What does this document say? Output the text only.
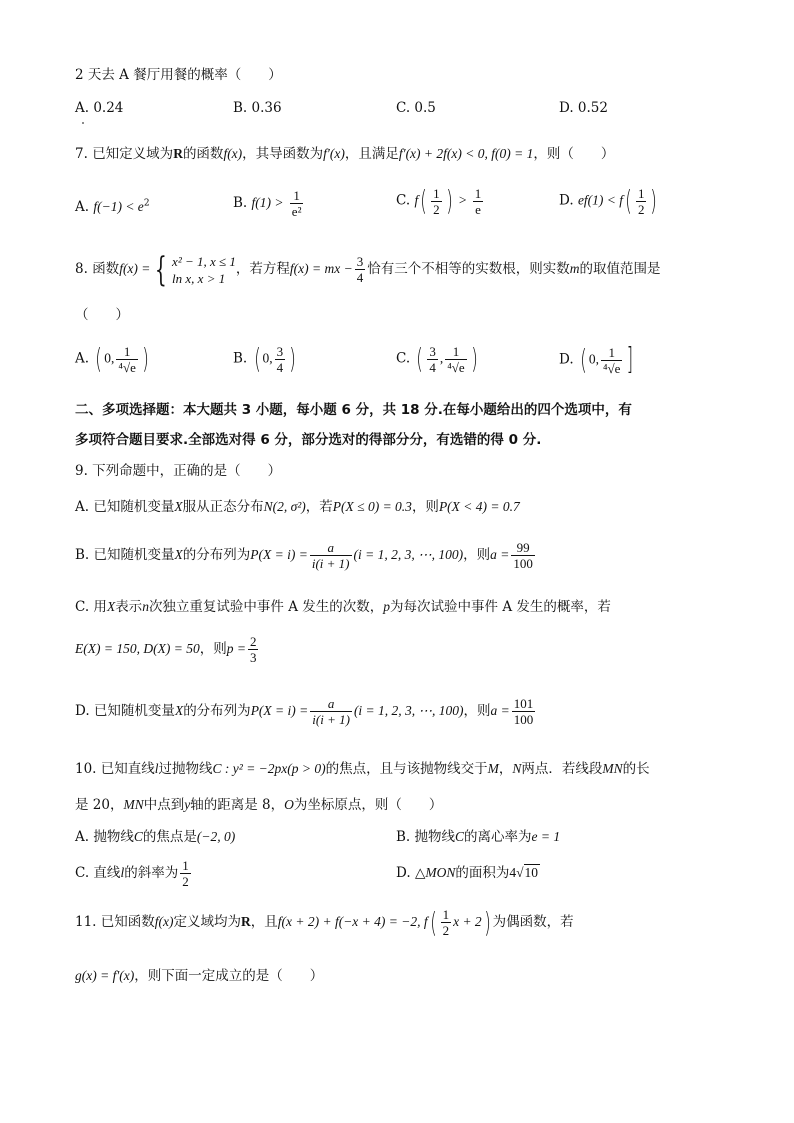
2 天去 A 餐厅用餐的概率（　　）
A. 0.24	B. 0.36	C. 0.5	D. 0.52
7. 已知定义域为R的函数f(x)，其导函数为f′(x)，且满足f′(x) + 2f(x) < 0, f(0) = 1，则（　　）
A. $f(-1) < e^2$	B. $f(1) > \frac{1}{\text{e²}}$	C. $f( \frac{1}{2}$ ) > $\frac{1}{e}$	D. $ef(1) < f( \frac{1}{2}$ )
8. 函数f(x) = { x² − 1, x ≤ 1
ln x, x > 1
，若方程f(x) = mx − $\frac{3}{4}$ 恰有三个不相等的实数根，则实数m的取值范围是
（　　）
A. ( 0, $\frac{1}{\text{⁴√e}}$ )	B. ( 0, $\frac{3}{4}$ )	C. ( $\frac{3}{4}$ , $\frac{1}{\text{⁴√e}}$ )	D. ( 0, $\frac{1}{\text{⁴√e}}$ ]
二、多项选择题：本大题共 3 小题，每小题 6 分，共 18 分.在每小题给出的四个选项中，有
多项符合题目要求.全部选对得 6 分，部分选对的得部分分，有选错的得 0 分.
9. 下列命题中，正确的是（　　）
A. 已知随机变量X服从正态分布N(2, σ²)，若P(X ≤ 0) = 0.3，则P(X < 4) = 0.7
B. 已知随机变量X的分布列为$P(X = i) = \frac{a}{i(i + 1)} (i = 1$, 2, 3, ⋯, 100)，则$a = \frac{99}{100}$
C. 用X表示n次独立重复试验中事件 A 发生的次数，p为每次试验中事件 A 发生的概率，若
E(X) = 150, D(X) = 50，则$p = \frac{2}{3}$
D. 已知随机变量X的分布列为$P(X = i) = \frac{a}{i(i + 1)} (i = 1$, 2, 3, ⋯, 100)，则$a = \frac{101}{100}$
10. 已知直线l过抛物线C : y² = −2px(p > 0)的焦点，且与该抛物线交于M，N两点．若线段MN的长
是 20，MN中点到y轴的距离是 8，O为坐标原点，则（　　）
A. 抛物线C的焦点是(−2, 0)	B. 抛物线C的离心率为e = 1
C. 直线l的斜率为 $\frac{1}{2}$	D. △MON的面积为4√10
11. 已知函数f(x)定义域均为R，且f(x + 2) + f(−x + 4) = −2, $f( \frac{1}{2}$ x + 2) 为偶函数，若
g(x) = f′(x)，则下面一定成立的是（　　）
